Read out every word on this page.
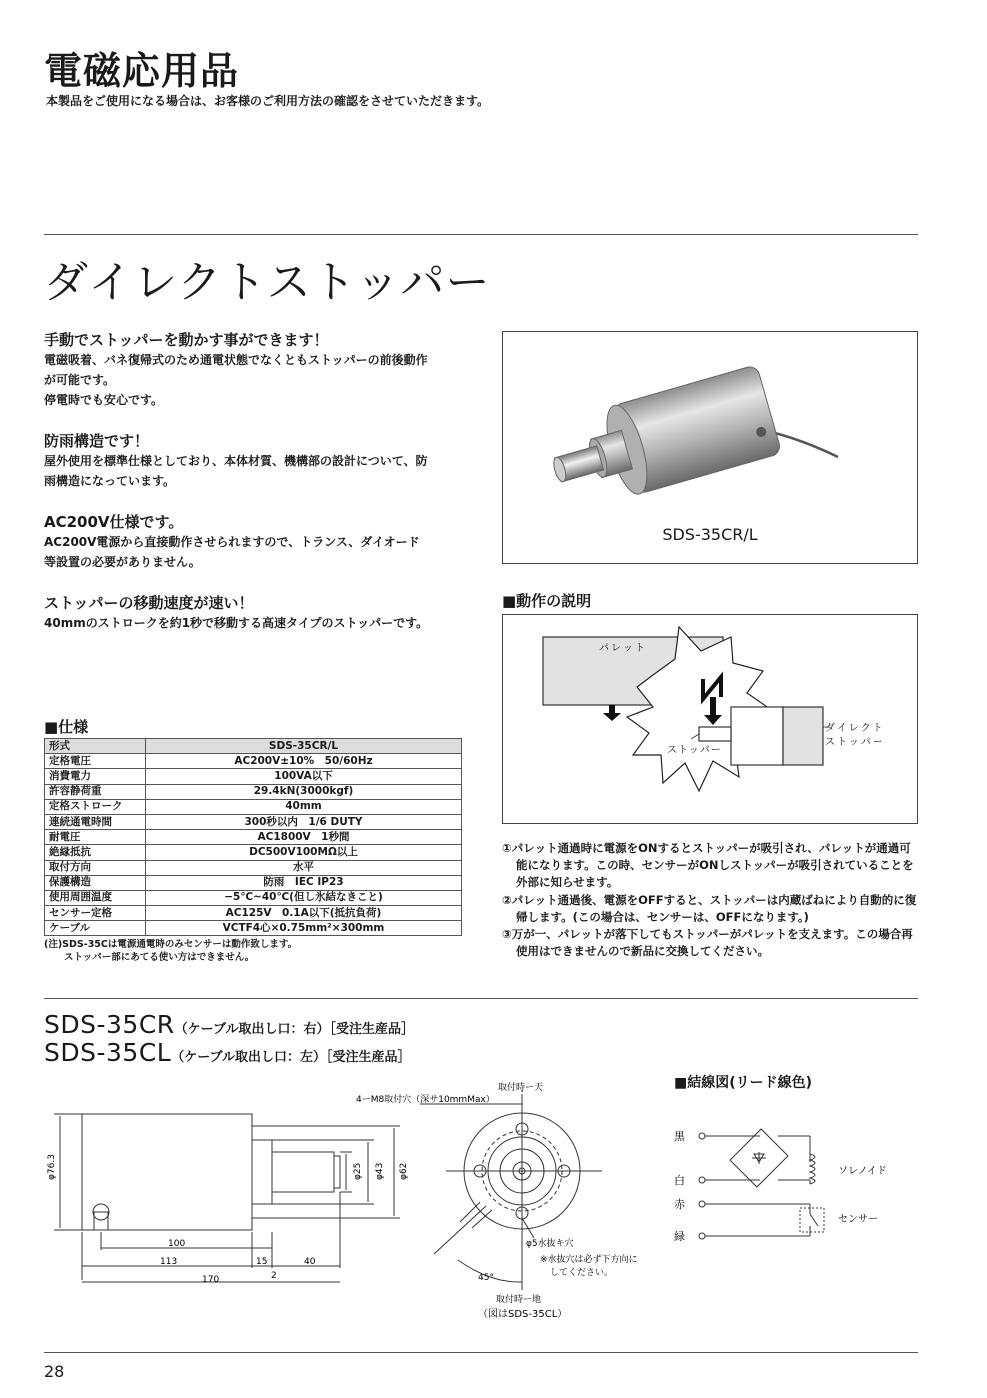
電磁応用品
本製品をご使用になる場合は、お客様のご利用方法の確認をさせていただきます。
ダイレクトストッパー
手動でストッパーを動かす事ができます！
電磁吸着、バネ復帰式のため通電状態でなくともストッパーの前後動作
が可能です。
停電時でも安心です。
防雨構造です！
屋外使用を標準仕様としており、本体材質、機構部の設計について、防
雨構造になっています。
AC200V仕様です。
AC200V電源から直接動作させられますので、トランス、ダイオード
等設置の必要がありません。
ストッパーの移動速度が速い！
40mmのストロークを約1秒で移動する高速タイプのストッパーです。
SDS-35CR/L
■動作の説明
パレット
ストッパー
ダイレクト
ストッパー
①パレット通過時に電源をONするとストッパーが吸引され、パレットが通過可能になります。この時、センサーがONしストッパーが吸引されていることを外部に知らせます。
②パレット通過後、電源をOFFすると、ストッパーは内蔵ばねにより自動的に復帰します。(この場合は、センサーは、OFFになります。)
③万が一、パレットが落下してもストッパーがパレットを支えます。この場合再使用はできませんので新品に交換してください。
■仕様
形式	SDS-35CR/L
定格電圧	AC200V±10%　50/60Hz
消費電力	100VA以下
許容静荷重	29.4kN(3000kgf)
定格ストローク	40mm
連続通電時間	300秒以内　1/6 DUTY
耐電圧	AC1800V　1秒間
絶縁抵抗	DC500V100MΩ以上
取付方向	水平
保護構造	防雨　IEC IP23
使用周囲温度	−5℃~40℃(但し氷結なきこと)
センサー定格	AC125V　0.1A以下(抵抗負荷)
ケーブル	VCTF4心×0.75mm²×300mm
(注)SDS-35Cは電源通電時のみセンサーは動作致します。
ストッパー部にあてる使い方はできません。
SDS-35CR（ケーブル取出し口：右）［受注生産品］
SDS-35CL（ケーブル取出し口：左）［受注生産品］
φ76.3	φ25 φ43 φ62
100
113	15	40
2
170
取付時ー天
4ーM8取付穴（深サ10mmMax）
φ5水抜キ穴
※水抜穴は必ず下方向に
してください。
45°
取付時ー地
（図はSDS-35CL）
■結線図(リード線色)
黒
白
赤
緑
ソレノイド
センサー
28
